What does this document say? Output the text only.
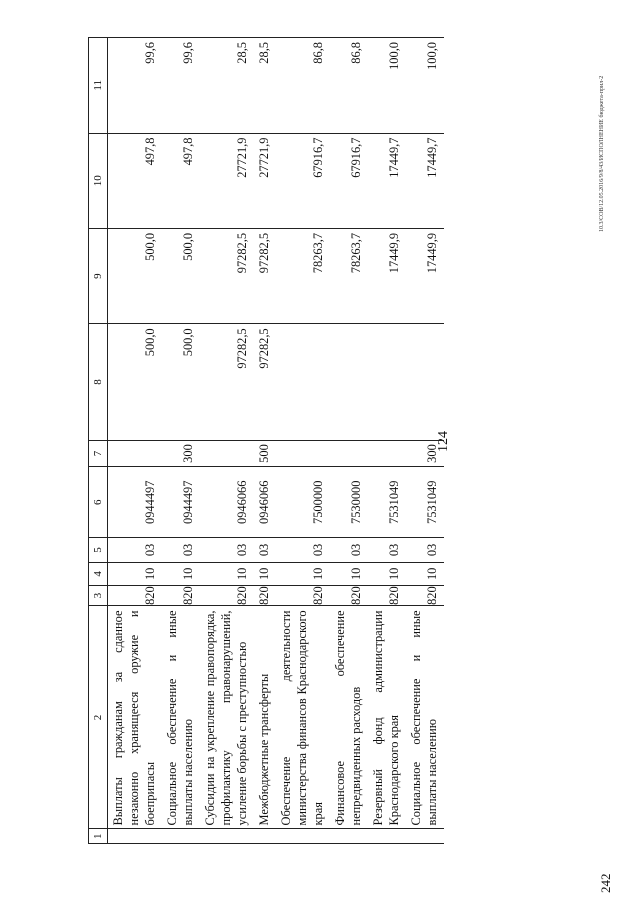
124
242
10.3/СОВ/12.05.2016/9/8/43/ИСПОЛНЕНИЕ бюджета-прил-2
1	2	3	4	5	6	7	8	9	10	11
	Выплаты гражданам за сданное незаконно хранящееся оружие и боеприпасы	820	10	03	0944497		500,0	500,0	497,8	99,6
	Социальное обеспечение и иные выплаты населению	820	10	03	0944497	300	500,0	500,0	497,8	99,6
	Субсидии на укрепление правопорядка, профилактику правонарушений, усиление борьбы с преступностью	820	10	03	0946066		97282,5	97282,5	27721,9	28,5
	Межбюджетные трансферты	820	10	03	0946066	500	97282,5	97282,5	27721,9	28,5
	Обеспечение деятельности министерства финансов Краснодарского края	820	10	03	7500000			78263,7	67916,7	86,8
	Финансовое обеспечение непредвиденных расходов	820	10	03	7530000			78263,7	67916,7	86,8
	Резервный фонд администрации Краснодарского края	820	10	03	7531049			17449,9	17449,7	100,0
	Социальное обеспечение и иные выплаты населению	820	10	03	7531049	300		17449,9	17449,7	100,0
